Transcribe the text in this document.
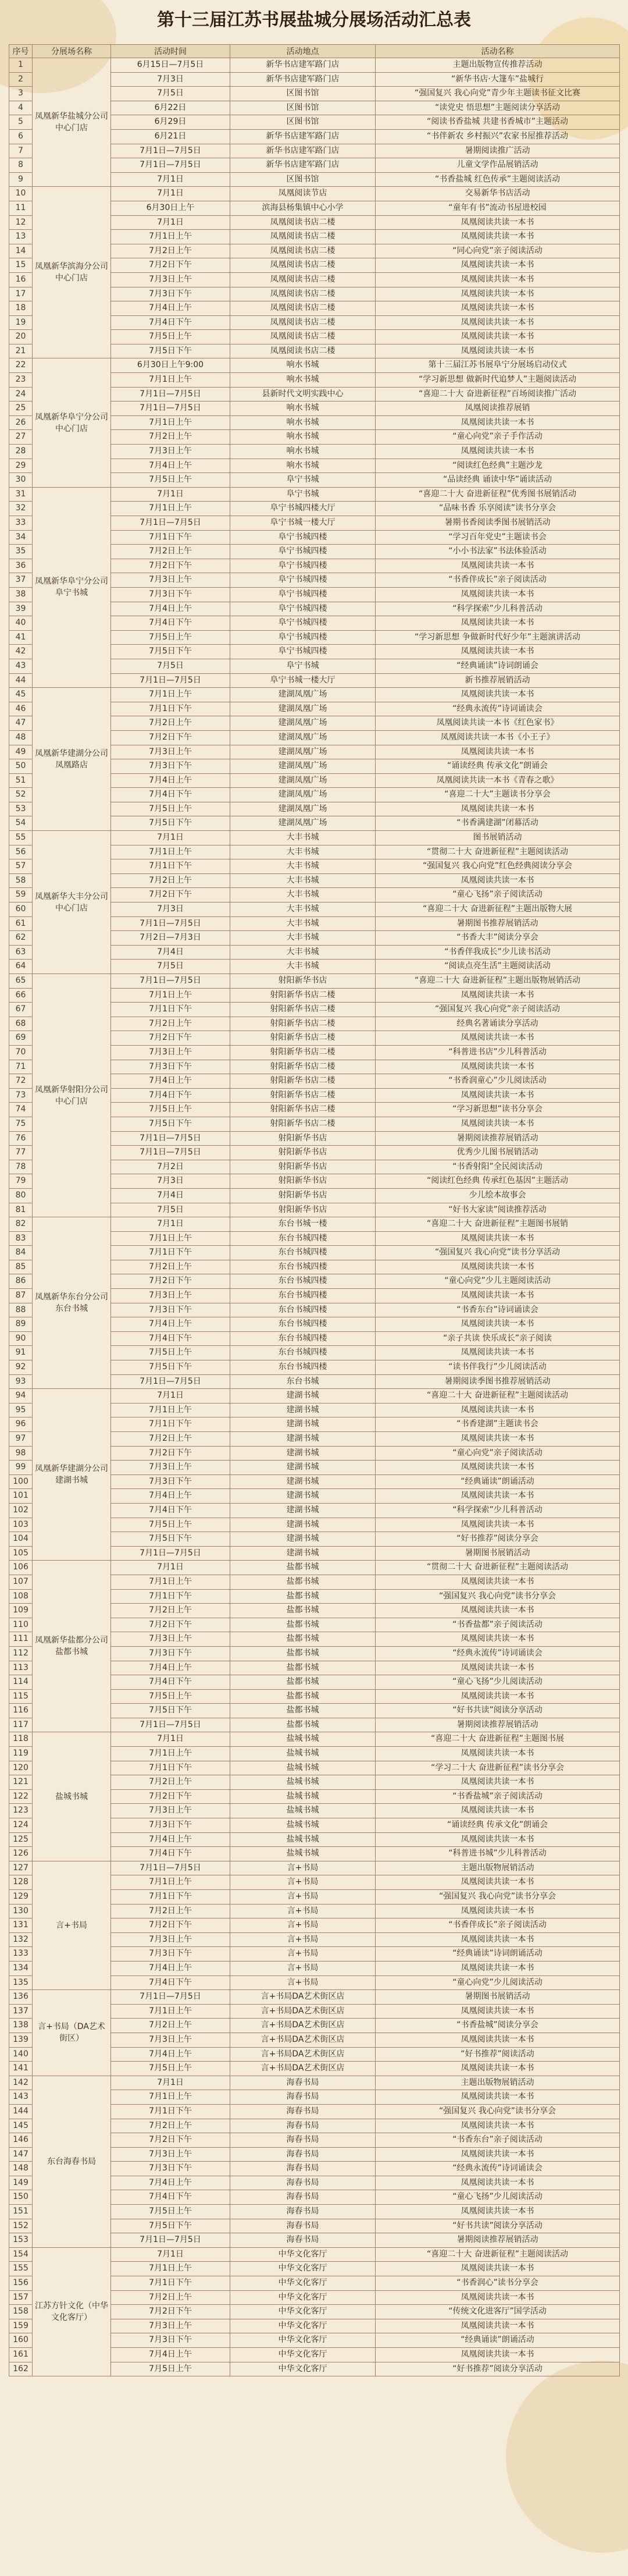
第十三届江苏书展盐城分展场活动汇总表
序号	分展场名称	活动时间	活动地点	活动名称
1	凤凰新华盐城分公司中心门店	6月15日—7月5日	新华书店建军路门店	主题出版物宣传推荐活动
2		7月3日	新华书店建军路门店	“新华书店·大篷车”盐城行
3		7月5日	区图书馆	“强国复兴 我心向党”青少年主题读书征文比赛
4		6月22日	区图书馆	“读党史 悟思想”主题阅读分享活动
5		6月29日	区图书馆	“阅读书香盐城 共建书香城市”主题活动
6		6月21日	新华书店建军路门店	“书伴新农 乡村振兴”农家书屋推荐活动
7		7月1日—7月5日	新华书店建军路门店	暑期阅读推广活动
8		7月1日—7月5日	新华书店建军路门店	儿童文学作品展销活动
9		7月1日	区图书馆	“书香盐城 红色传承”主题阅读活动
10	凤凰新华滨海分公司中心门店	7月1日	凤凰阅读节店	交易新华书店活动
11		6月30日上午	滨海县杨集镇中心小学	“童年有书”流动书屋进校园
12		7月1日	凤凰阅读书店二楼	凤凰阅读共读一本书
13		7月1日上午	凤凰阅读书店二楼	凤凰阅读共读一本书
14		7月2日上午	凤凰阅读书店二楼	“同心向党”亲子阅读活动
15		7月2日下午	凤凰阅读书店二楼	凤凰阅读共读一本书
16		7月3日上午	凤凰阅读书店二楼	凤凰阅读共读一本书
17		7月3日下午	凤凰阅读书店二楼	凤凰阅读共读一本书
18		7月4日上午	凤凰阅读书店二楼	凤凰阅读共读一本书
19		7月4日下午	凤凰阅读书店二楼	凤凰阅读共读一本书
20		7月5日上午	凤凰阅读书店二楼	凤凰阅读共读一本书
21		7月5日下午	凤凰阅读书店二楼	凤凰阅读共读一本书
22	凤凰新华阜宁分公司中心门店	6月30日上午9:00	响水书城	第十三届江苏书展阜宁分展场启动仪式
23		7月1日上午	响水书城	“学习新思想 做新时代追梦人”主题阅读活动
24		7月1日—7月5日	县新时代文明实践中心	“喜迎二十大 奋进新征程”百场阅读推广活动
25		7月1日—7月5日	响水书城	凤凰阅读推荐展销
26		7月1日上午	响水书城	凤凰阅读共读一本书
27		7月2日上午	响水书城	“童心向党”亲子手作活动
28		7月3日上午	响水书城	凤凰阅读共读一本书
29		7月4日上午	响水书城	“阅读红色经典”主题沙龙
30		7月5日上午	阜宁书城	“品读经典 诵读中华”诵读活动
31	凤凰新华阜宁分公司阜宁书城	7月1日	阜宁书城	“喜迎二十大 奋进新征程”优秀图书展销活动
32		7月1日上午	阜宁书城四楼大厅	“品味书香 乐享阅读”读书分享会
33		7月1日—7月5日	阜宁书城一楼大厅	暑期书香阅读季图书展销活动
34		7月1日下午	阜宁书城四楼	“学习百年党史”主题读书会
35		7月2日上午	阜宁书城四楼	“小小书法家”书法体验活动
36		7月2日下午	阜宁书城四楼	凤凰阅读共读一本书
37		7月3日上午	阜宁书城四楼	“书香伴成长”亲子阅读活动
38		7月3日下午	阜宁书城四楼	凤凰阅读共读一本书
39		7月4日上午	阜宁书城四楼	“科学探索”少儿科普活动
40		7月4日下午	阜宁书城四楼	凤凰阅读共读一本书
41		7月5日上午	阜宁书城四楼	“学习新思想 争做新时代好少年”主题演讲活动
42		7月5日下午	阜宁书城四楼	凤凰阅读共读一本书
43		7月5日	阜宁书城	“经典诵读”诗词朗诵会
44		7月1日—7月5日	阜宁书城一楼大厅	新书推荐展销活动
45	凤凰新华建湖分公司凤凰路店	7月1日上午	建湖凤凰广场	凤凰阅读共读一本书
46		7月1日下午	建湖凤凰广场	“经典永流传”诗词诵读会
47		7月2日上午	建湖凤凰广场	凤凰阅读共读一本书《红色家书》
48		7月2日下午	建湖凤凰广场	凤凰阅读共读一本书《小王子》
49		7月3日上午	建湖凤凰广场	凤凰阅读共读一本书
50		7月3日下午	建湖凤凰广场	“诵读经典 传承文化”朗诵会
51		7月4日上午	建湖凤凰广场	凤凰阅读共读一本书《青春之歌》
52		7月4日下午	建湖凤凰广场	“喜迎二十大”主题读书分享会
53		7月5日上午	建湖凤凰广场	凤凰阅读共读一本书
54		7月5日下午	建湖凤凰广场	“书香满建湖”闭幕活动
55	凤凰新华大丰分公司中心门店	7月1日	大丰书城	图书展销活动
56		7月1日上午	大丰书城	“贯彻二十大 奋进新征程”主题阅读活动
57		7月1日下午	大丰书城	“强国复兴 我心向党”红色经典阅读分享会
58		7月2日上午	大丰书城	凤凰阅读共读一本书
59		7月2日下午	大丰书城	“童心飞扬”亲子阅读活动
60		7月3日	大丰书城	“喜迎二十大 奋进新征程”主题出版物大展
61		7月1日—7月5日	大丰书城	暑期图书推荐展销活动
62		7月2日—7月3日	大丰书城	“书香大丰”阅读分享会
63		7月4日	大丰书城	“书香伴我成长”少儿读书活动
64		7月5日	大丰书城	“阅读点亮生活”主题阅读活动
65	凤凰新华射阳分公司中心门店	7月1日—7月5日	射阳新华书店	“喜迎二十大 奋进新征程”主题出版物展销活动
66		7月1日上午	射阳新华书店二楼	凤凰阅读共读一本书
67		7月1日下午	射阳新华书店二楼	“强国复兴 我心向党”亲子阅读活动
68		7月2日上午	射阳新华书店二楼	经典名著诵读分享活动
69		7月2日下午	射阳新华书店二楼	凤凰阅读共读一本书
70		7月3日上午	射阳新华书店二楼	“科普进书店”少儿科普活动
71		7月3日下午	射阳新华书店二楼	凤凰阅读共读一本书
72		7月4日上午	射阳新华书店二楼	“书香润童心”少儿阅读活动
73		7月4日下午	射阳新华书店二楼	凤凰阅读共读一本书
74		7月5日上午	射阳新华书店二楼	“学习新思想”读书分享会
75		7月5日下午	射阳新华书店二楼	凤凰阅读共读一本书
76		7月1日—7月5日	射阳新华书店	暑期阅读推荐展销活动
77		7月1日—7月5日	射阳新华书店	优秀少儿图书展销活动
78		7月2日	射阳新华书店	“书香射阳”全民阅读活动
79		7月3日	射阳新华书店	“阅读红色经典 传承红色基因”主题活动
80		7月4日	射阳新华书店	少儿绘本故事会
81		7月5日	射阳新华书店	“好书大家读”阅读推荐活动
82	凤凰新华东台分公司东台书城	7月1日	东台书城一楼	“喜迎二十大 奋进新征程”主题图书展销
83		7月1日上午	东台书城四楼	凤凰阅读共读一本书
84		7月1日下午	东台书城四楼	“强国复兴 我心向党”读书分享活动
85		7月2日上午	东台书城四楼	凤凰阅读共读一本书
86		7月2日下午	东台书城四楼	“童心向党”少儿主题阅读活动
87		7月3日上午	东台书城四楼	凤凰阅读共读一本书
88		7月3日下午	东台书城四楼	“书香东台”诗词诵读会
89		7月4日上午	东台书城四楼	凤凰阅读共读一本书
90		7月4日下午	东台书城四楼	“亲子共读 快乐成长”亲子阅读
91		7月5日上午	东台书城四楼	凤凰阅读共读一本书
92		7月5日下午	东台书城四楼	“读书伴我行”少儿阅读活动
93		7月1日—7月5日	东台书城	暑期阅读季图书推荐展销活动
94	凤凰新华建湖分公司建湖书城	7月1日	建湖书城	“喜迎二十大 奋进新征程”主题阅读活动
95		7月1日上午	建湖书城	凤凰阅读共读一本书
96		7月1日下午	建湖书城	“书香建湖”主题读书会
97		7月2日上午	建湖书城	凤凰阅读共读一本书
98		7月2日下午	建湖书城	“童心向党”亲子阅读活动
99		7月3日上午	建湖书城	凤凰阅读共读一本书
100		7月3日下午	建湖书城	“经典诵读”朗诵活动
101		7月4日上午	建湖书城	凤凰阅读共读一本书
102		7月4日下午	建湖书城	“科学探索”少儿科普活动
103		7月5日上午	建湖书城	凤凰阅读共读一本书
104		7月5日下午	建湖书城	“好书推荐”阅读分享会
105		7月1日—7月5日	建湖书城	暑期图书展销活动
106	凤凰新华盐都分公司盐都书城	7月1日	盐都书城	“贯彻二十大 奋进新征程”主题阅读活动
107		7月1日上午	盐都书城	凤凰阅读共读一本书
108		7月1日下午	盐都书城	“强国复兴 我心向党”读书分享会
109		7月2日上午	盐都书城	凤凰阅读共读一本书
110		7月2日下午	盐都书城	“书香盐都”亲子阅读活动
111		7月3日上午	盐都书城	凤凰阅读共读一本书
112		7月3日下午	盐都书城	“经典永流传”诗词诵读会
113		7月4日上午	盐都书城	凤凰阅读共读一本书
114		7月4日下午	盐都书城	“童心飞扬”少儿阅读活动
115		7月5日上午	盐都书城	凤凰阅读共读一本书
116		7月5日下午	盐都书城	“好书共读”阅读分享活动
117		7月1日—7月5日	盐都书城	暑期阅读推荐展销活动
118	盐城书城	7月1日	盐城书城	“喜迎二十大 奋进新征程”主题图书展
119		7月1日上午	盐城书城	凤凰阅读共读一本书
120		7月1日下午	盐城书城	“学习二十大 奋进新征程”读书分享会
121		7月2日上午	盐城书城	凤凰阅读共读一本书
122		7月2日下午	盐城书城	“书香盐城”亲子阅读活动
123		7月3日上午	盐城书城	凤凰阅读共读一本书
124		7月3日下午	盐城书城	“诵读经典 传承文化”朗诵会
125		7月4日上午	盐城书城	凤凰阅读共读一本书
126		7月4日下午	盐城书城	“科普进书城”少儿科普活动
127	言+书局	7月1日—7月5日	言+书局	主题出版物展销活动
128		7月1日上午	言+书局	凤凰阅读共读一本书
129		7月1日下午	言+书局	“强国复兴 我心向党”读书分享会
130		7月2日上午	言+书局	凤凰阅读共读一本书
131		7月2日下午	言+书局	“书香伴成长”亲子阅读活动
132		7月3日上午	言+书局	凤凰阅读共读一本书
133		7月3日下午	言+书局	“经典诵读”诗词朗诵活动
134		7月4日上午	言+书局	凤凰阅读共读一本书
135		7月4日下午	言+书局	“童心向党”少儿阅读活动
136	言+书局（DA艺术街区）	7月1日—7月5日	言+书局DA艺术街区店	暑期图书展销活动
137		7月1日上午	言+书局DA艺术街区店	凤凰阅读共读一本书
138		7月2日上午	言+书局DA艺术街区店	“书香盐城”阅读分享会
139		7月3日上午	言+书局DA艺术街区店	凤凰阅读共读一本书
140		7月4日上午	言+书局DA艺术街区店	“好书推荐”阅读活动
141		7月5日上午	言+书局DA艺术街区店	凤凰阅读共读一本书
142	东台海春书局	7月1日	海春书局	主题出版物展销活动
143		7月1日上午	海春书局	凤凰阅读共读一本书
144		7月1日下午	海春书局	“强国复兴 我心向党”读书分享会
145		7月2日上午	海春书局	凤凰阅读共读一本书
146		7月2日下午	海春书局	“书香东台”亲子阅读活动
147		7月3日上午	海春书局	凤凰阅读共读一本书
148		7月3日下午	海春书局	“经典永流传”诗词诵读会
149		7月4日上午	海春书局	凤凰阅读共读一本书
150		7月4日下午	海春书局	“童心飞扬”少儿阅读活动
151		7月5日上午	海春书局	凤凰阅读共读一本书
152		7月5日下午	海春书局	“好书共读”阅读分享活动
153		7月1日—7月5日	海春书局	暑期阅读推荐展销活动
154	江苏方针文化（中华文化客厅）	7月1日	中华文化客厅	“喜迎二十大 奋进新征程”主题阅读活动
155		7月1日上午	中华文化客厅	凤凰阅读共读一本书
156		7月1日下午	中华文化客厅	“书香润心”读书分享会
157		7月2日上午	中华文化客厅	凤凰阅读共读一本书
158		7月2日下午	中华文化客厅	“传统文化进客厅”国学活动
159		7月3日上午	中华文化客厅	凤凰阅读共读一本书
160		7月3日下午	中华文化客厅	“经典诵读”朗诵活动
161		7月4日上午	中华文化客厅	凤凰阅读共读一本书
162		7月5日上午	中华文化客厅	“好书推荐”阅读分享活动
